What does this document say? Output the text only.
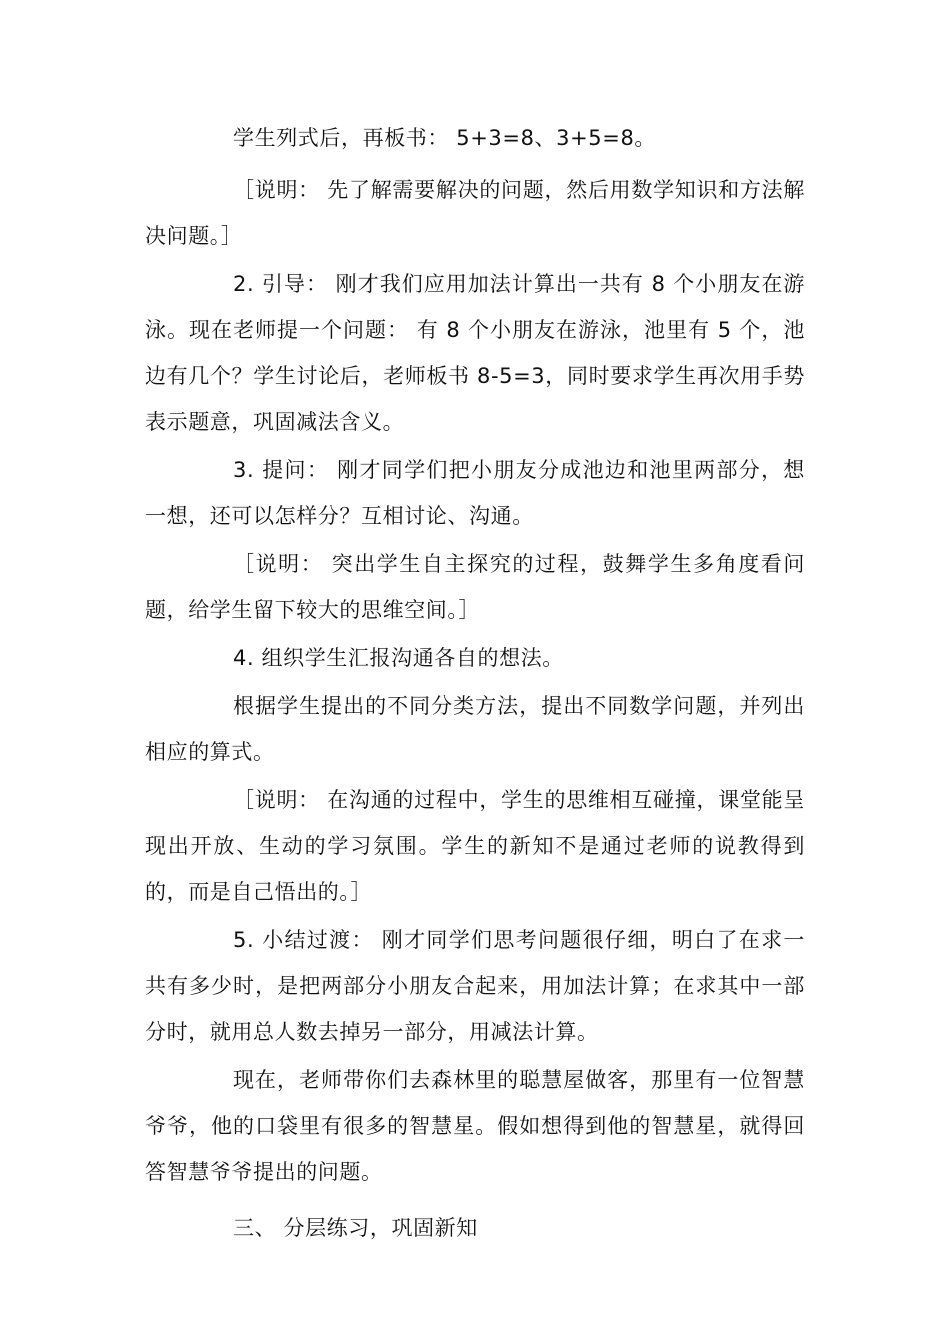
学生列式后，再板书： 5+3=8、3+5=8。

［说明： 先了解需要解决的问题，然后用数学知识和方法解决问题。］

2. 引导： 刚才我们应用加法计算出一共有 8 个小朋友在游泳。现在老师提一个问题： 有 8 个小朋友在游泳，池里有 5 个，池边有几个？学生讨论后，老师板书 8-5=3，同时要求学生再次用手势表示题意，巩固减法含义。

3. 提问： 刚才同学们把小朋友分成池边和池里两部分，想一想，还可以怎样分？互相讨论、沟通。

［说明： 突出学生自主探究的过程，鼓舞学生多角度看问题，给学生留下较大的思维空间。］

4. 组织学生汇报沟通各自的想法。

根据学生提出的不同分类方法，提出不同数学问题，并列出相应的算式。

［说明： 在沟通的过程中，学生的思维相互碰撞，课堂能呈现出开放、生动的学习氛围。学生的新知不是通过老师的说教得到的，而是自己悟出的。］

5. 小结过渡： 刚才同学们思考问题很仔细，明白了在求一共有多少时，是把两部分小朋友合起来，用加法计算；在求其中一部分时，就用总人数去掉另一部分，用减法计算。

现在，老师带你们去森林里的聪慧屋做客，那里有一位智慧爷爷，他的口袋里有很多的智慧星。假如想得到他的智慧星，就得回答智慧爷爷提出的问题。

三、 分层练习，巩固新知
